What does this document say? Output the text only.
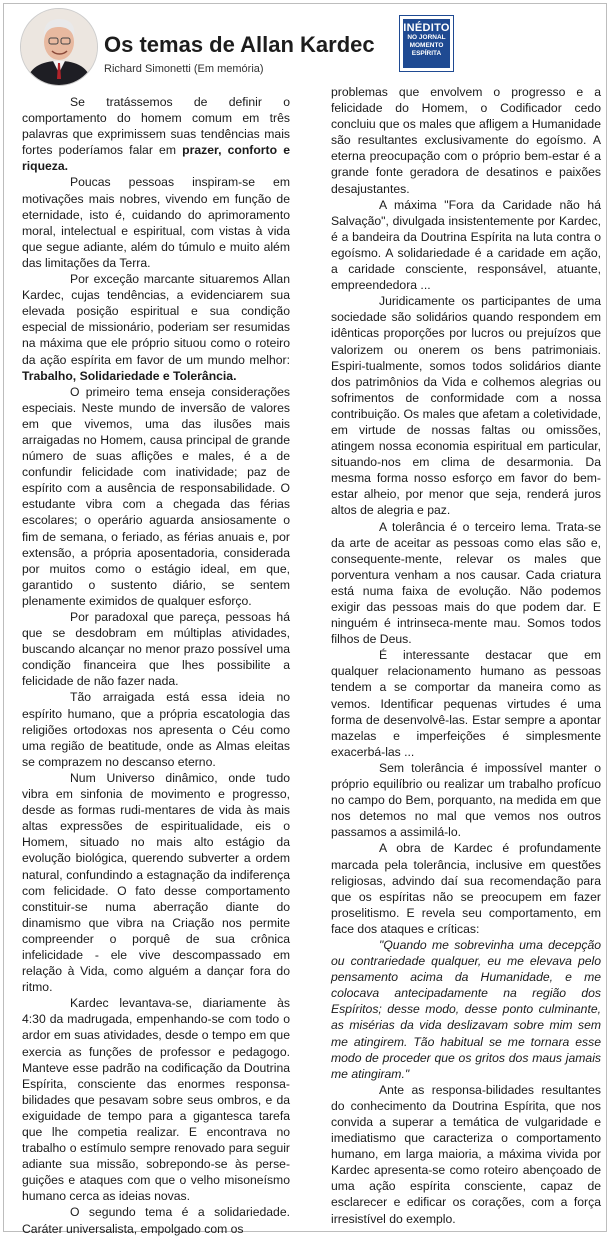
Os temas de Allan Kardec
Richard Simonetti (Em memória)
INÉDITO
NO JORNAL
MOMENTO
ESPÍRITA

Se tratássemos de definir o comportamento do homem comum em três palavras que exprimissem suas tendências mais fortes poderíamos falar em prazer, conforto e riqueza.

Poucas pessoas inspiram-se em motivações mais nobres, vivendo em função de eternidade, isto é, cuidando do aprimoramento moral, intelectual e espiritual, com vistas à vida que segue adiante, além do túmulo e muito além das limitações da Terra.

Por exceção marcante situaremos Allan Kardec, cujas tendências, a evidenciarem sua elevada posição espiritual e sua condição especial de missionário, poderiam ser resumidas na máxima que ele próprio situou como o roteiro da ação espírita em favor de um mundo melhor: Trabalho, Solidariedade e Tolerância.

O primeiro tema enseja considerações especiais. Neste mundo de inversão de valores em que vivemos, uma das ilusões mais arraigadas no Homem, causa principal de grande número de suas aflições e males, é a de confundir felicidade com inatividade; paz de espírito com a ausência de responsabilidade. O estudante vibra com a chegada das férias escolares; o operário aguarda ansiosamente o fim de semana, o feriado, as férias anuais e, por extensão, a própria aposentadoria, considerada por muitos como o estágio ideal, em que, garantido o sustento diário, se sentem plenamente eximidos de qualquer esforço.

Por paradoxal que pareça, pessoas há que se desdobram em múltiplas atividades, buscando alcançar no menor prazo possível uma condição financeira que lhes possibilite a felicidade de não fazer nada.

Tão arraigada está essa ideia no espírito humano, que a própria escatologia das religiões ortodoxas nos apresenta o Céu como uma região de beatitude, onde as Almas eleitas se comprazem no descanso eterno.

Num Universo dinâmico, onde tudo vibra em sinfonia de movimento e progresso, desde as formas rudi-mentares de vida às mais altas expressões de espiritualidade, eis o Homem, situado no mais alto estágio da evolução biológica, querendo subverter a ordem natural, confundindo a estagnação da indiferença com felicidade. O fato desse comportamento constituir-se numa aberração diante do dinamismo que vibra na Criação nos permite compreender o porquê de sua crônica infelicidade - ele vive descompassado em relação à Vida, como alguém a dançar fora do ritmo.

Kardec levantava-se, diariamente às 4:30 da madrugada, empenhando-se com todo o ardor em suas atividades, desde o tempo em que exercia as funções de professor e pedagogo. Manteve esse padrão na codificação da Doutrina Espírita, consciente das enormes responsa-bilidades que pesavam sobre seus ombros, e da exiguidade de tempo para a gigantesca tarefa que lhe competia realizar. E encontrava no trabalho o estímulo sempre renovado para seguir adiante sua missão, sobrepondo-se às perse-guições e ataques com que o velho misoneísmo humano cerca as ideias novas.

O segundo tema é a solidariedade. Caráter universalista, empolgado com os

problemas que envolvem o progresso e a felicidade do Homem, o Codificador cedo concluiu que os males que afligem a Humanidade são resultantes exclusivamente do egoísmo. A eterna preocupação com o próprio bem-estar é a grande fonte geradora de desatinos e paixões desajustantes.

A máxima "Fora da Caridade não há Salvação", divulgada insistentemente por Kardec, é a bandeira da Doutrina Espírita na luta contra o egoísmo. A solidariedade é a caridade em ação, a caridade consciente, responsável, atuante, empreendedora ...

Juridicamente os participantes de uma sociedade são solidários quando respondem em idênticas proporções por lucros ou prejuízos que valorizem ou onerem os bens patrimoniais. Espiri-tualmente, somos todos solidários diante dos patrimônios da Vida e colhemos alegrias ou sofrimentos de conformidade com a nossa contribuição. Os males que afetam a coletividade, em virtude de nossas faltas ou omissões, atingem nossa economia espiritual em particular, situando-nos em clima de desarmonia. Da mesma forma nosso esforço em favor do bem-estar alheio, por menor que seja, renderá juros altos de alegria e paz.

A tolerância é o terceiro lema. Trata-se da arte de aceitar as pessoas como elas são e, consequente-mente, relevar os males que porventura venham a nos causar. Cada criatura está numa faixa de evolução. Não podemos exigir das pessoas mais do que podem dar. E ninguém é intrinseca-mente mau. Somos todos filhos de Deus.

É interessante destacar que em qualquer relacionamento humano as pessoas tendem a se comportar da maneira como as vemos. Identificar pequenas virtudes é uma forma de desenvolvê-las. Estar sempre a apontar mazelas e imperfeições é simplesmente exacerbá-las ...

Sem tolerância é impossível manter o próprio equilíbrio ou realizar um trabalho profícuo no campo do Bem, porquanto, na medida em que nos detemos no mal que vemos nos outros passamos a assimilá-lo.

A obra de Kardec é profundamente marcada pela tolerância, inclusive em questões religiosas, advindo daí sua recomendação para que os espíritas não se preocupem em fazer proselitismo. E revela seu comportamento, em face dos ataques e críticas:

"Quando me sobrevinha uma decepção ou contrariedade qualquer, eu me elevava pelo pensamento acima da Humanidade, e me colocava antecipadamente na região dos Espíritos; desse modo, desse ponto culminante, as misérias da vida deslizavam sobre mim sem me atingirem. Tão habitual se me tornara esse modo de proceder que os gritos dos maus jamais me atingiram."

Ante as responsa-bilidades resultantes do conhecimento da Doutrina Espírita, que nos convida a superar a temática de vulgaridade e imediatismo que caracteriza o comportamento humano, em larga maioria, a máxima vivida por Kardec apresenta-se como roteiro abençoado de uma ação espírita consciente, capaz de esclarecer e edificar os corações, com a força irresistível do exemplo.
